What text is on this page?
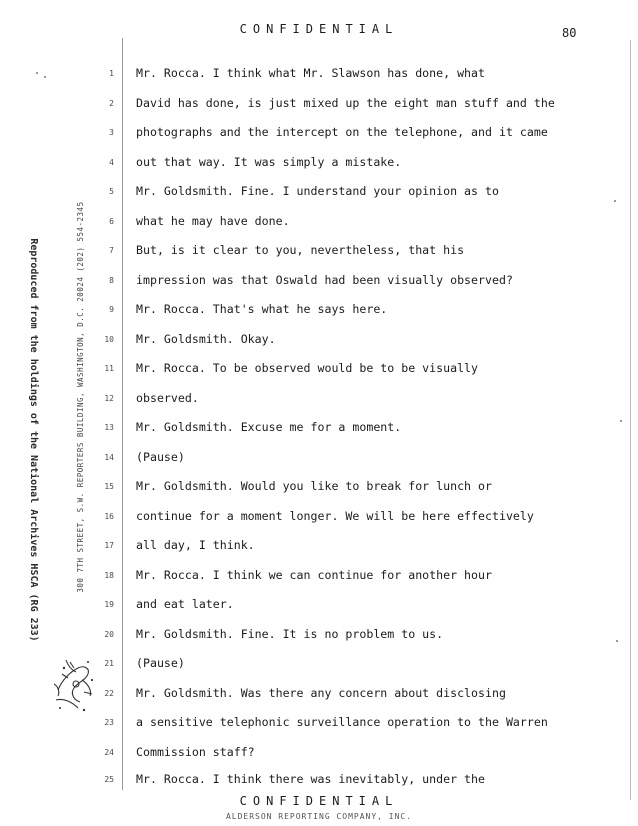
CONFIDENTIAL	80
Reproduced from the holdings of the National Archives HSCA (RG 233)	300 7TH STREET, S.W. REPORTERS BUILDING, WASHINGTON, D.C. 20024 (202) 554-2345
1 Mr. Rocca. I think what Mr. Slawson has done, what
2 David has done, is just mixed up the eight man stuff and the
3 photographs and the intercept on the telephone, and it came
4 out that way. It was simply a mistake.
5 Mr. Goldsmith. Fine. I understand your opinion as to
6 what he may have done.
7 But, is it clear to you, nevertheless, that his
8 impression was that Oswald had been visually observed?
9 Mr. Rocca. That's what he says here.
10 Mr. Goldsmith. Okay.
11 Mr. Rocca. To be observed would be to be visually
12 observed.
13 Mr. Goldsmith. Excuse me for a moment.
14 (Pause)
15 Mr. Goldsmith. Would you like to break for lunch or
16 continue for a moment longer. We will be here effectively
17 all day, I think.
18 Mr. Rocca. I think we can continue for another hour
19 and eat later.
20 Mr. Goldsmith. Fine. It is no problem to us.
21 (Pause)
22 Mr. Goldsmith. Was there any concern about disclosing
23 a sensitive telephonic surveillance operation to the Warren
24 Commission staff?
25 Mr. Rocca. I think there was inevitably, under the
CONFIDENTIAL
ALDERSON REPORTING COMPANY, INC.
